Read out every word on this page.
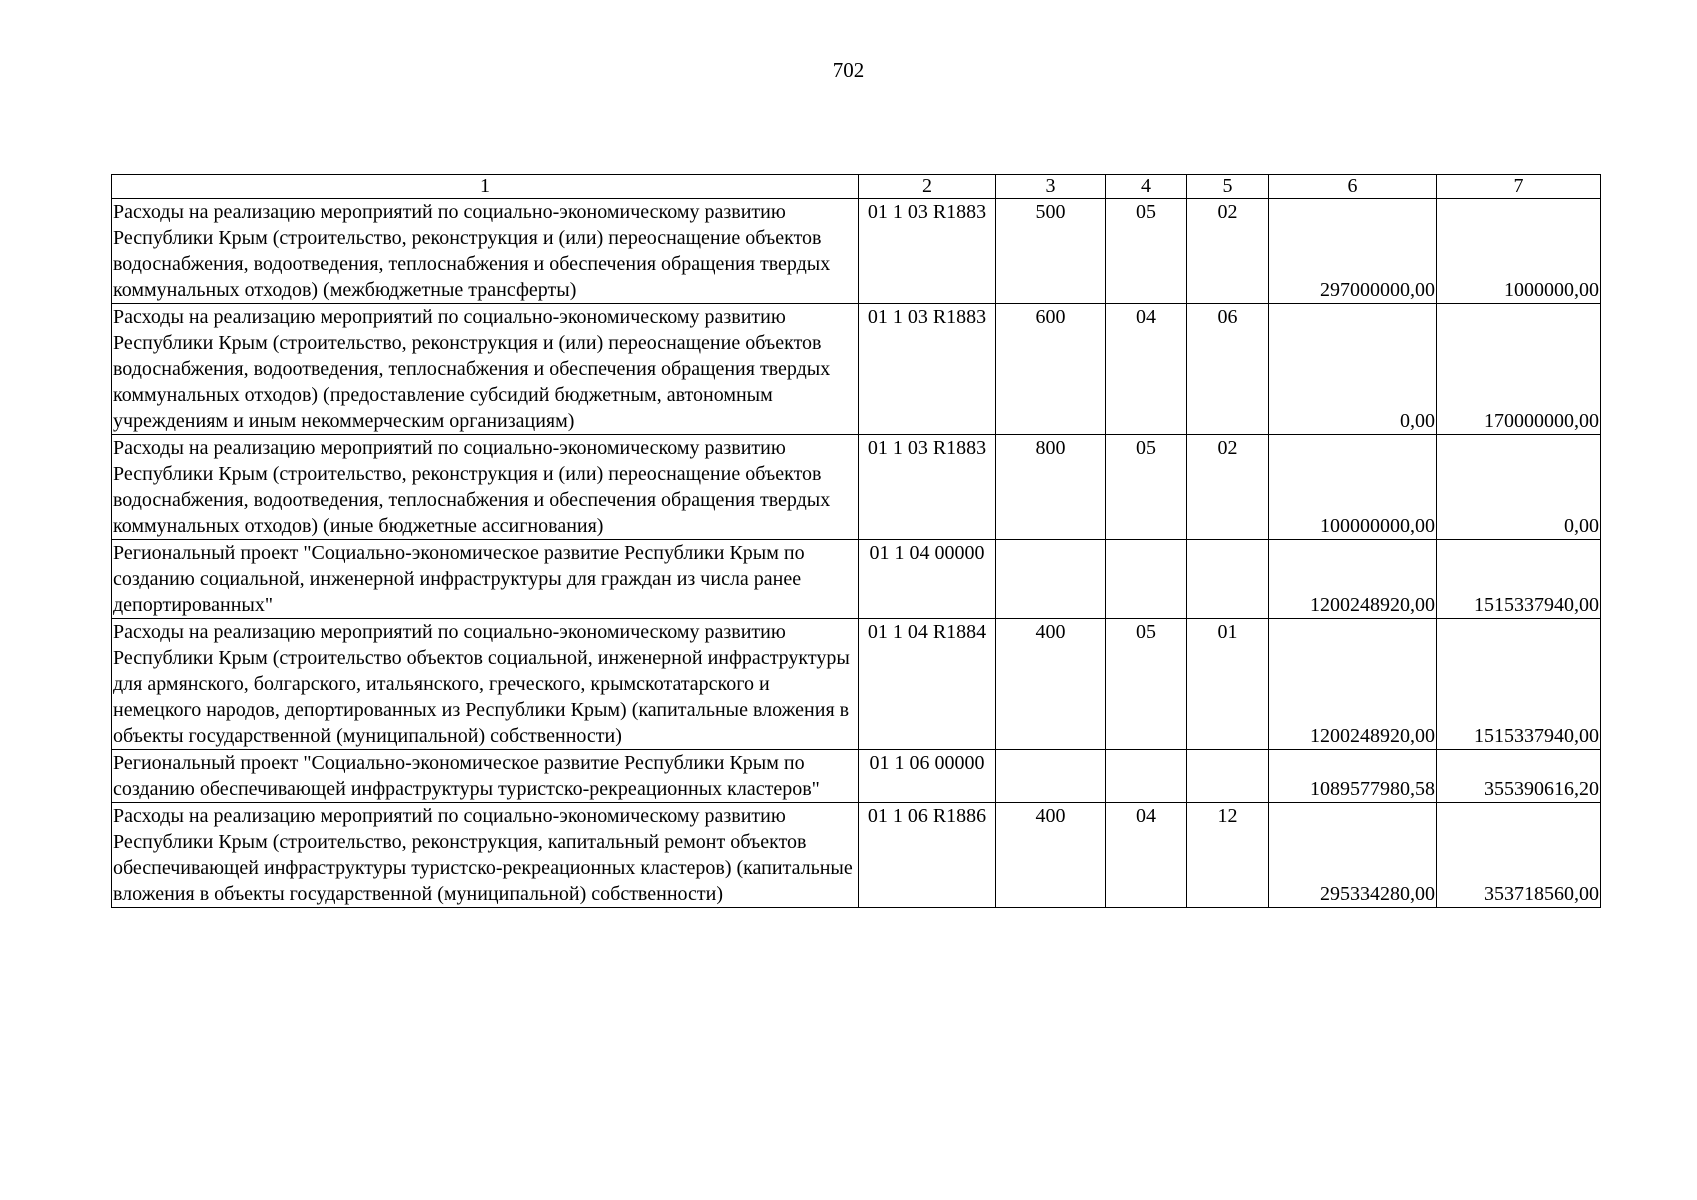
702
1	2	3	4	5	6	7
Расходы на реализацию мероприятий по социально-экономическому развитию Республики Крым (строительство, реконструкция и (или) переоснащение объектов водоснабжения, водоотведения, теплоснабжения и обеспечения обращения твердых коммунальных отходов) (межбюджетные трансферты)	01 1 03 R1883	500	05	02	297000000,00	1000000,00
Расходы на реализацию мероприятий по социально-экономическому развитию Республики Крым (строительство, реконструкция и (или) переоснащение объектов водоснабжения, водоотведения, теплоснабжения и обеспечения обращения твердых коммунальных отходов) (предоставление субсидий бюджетным, автономным учреждениям и иным некоммерческим организациям)	01 1 03 R1883	600	04	06	0,00	170000000,00
Расходы на реализацию мероприятий по социально-экономическому развитию Республики Крым (строительство, реконструкция и (или) переоснащение объектов водоснабжения, водоотведения, теплоснабжения и обеспечения обращения твердых коммунальных отходов) (иные бюджетные ассигнования)	01 1 03 R1883	800	05	02	100000000,00	0,00
Региональный проект "Социально-экономическое развитие Республики Крым по созданию социальной, инженерной инфраструктуры для граждан из числа ранее депортированных"	01 1 04 00000				1200248920,00	1515337940,00
Расходы на реализацию мероприятий по социально-экономическому развитию Республики Крым (строительство объектов социальной, инженерной инфраструктуры для армянского, болгарского, итальянского, греческого, крымскотатарского и немецкого народов, депортированных из Республики Крым) (капитальные вложения в объекты государственной (муниципальной) собственности)	01 1 04 R1884	400	05	01	1200248920,00	1515337940,00
Региональный проект "Социально-экономическое развитие Республики Крым по созданию обеспечивающей инфраструктуры туристско-рекреационных кластеров"	01 1 06 00000				1089577980,58	355390616,20
Расходы на реализацию мероприятий по социально-экономическому развитию Республики Крым (строительство, реконструкция, капитальный ремонт объектов обеспечивающей инфраструктуры туристско-рекреационных кластеров) (капитальные вложения в объекты государственной (муниципальной) собственности)	01 1 06 R1886	400	04	12	295334280,00	353718560,00
